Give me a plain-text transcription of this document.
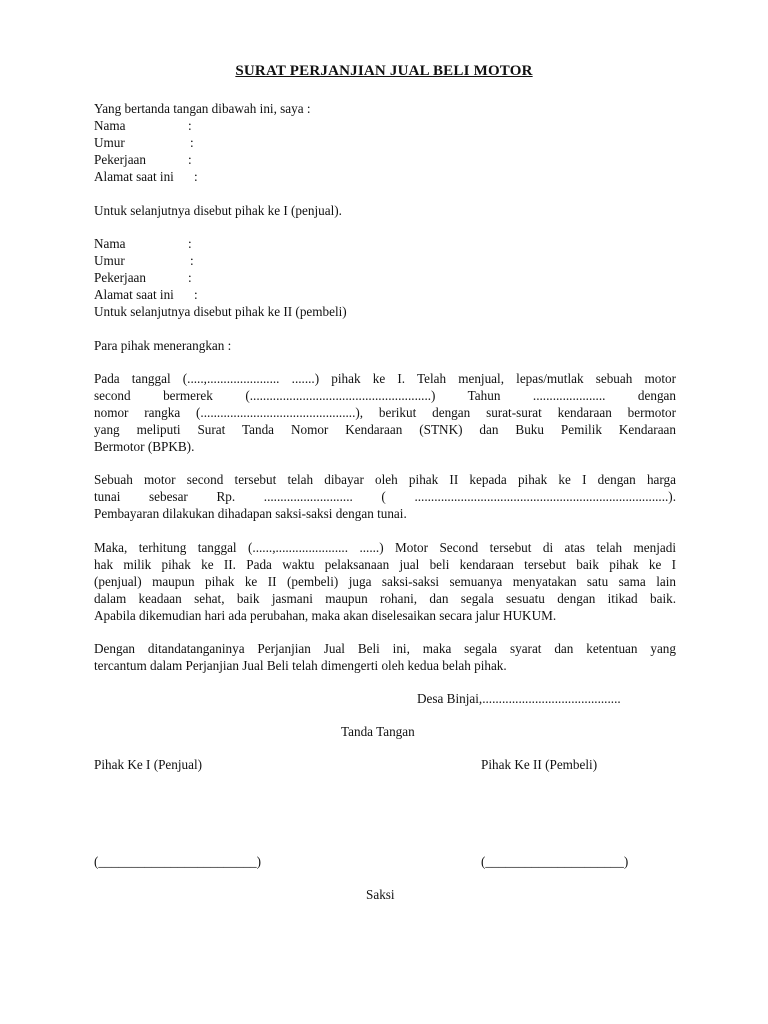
SURAT PERJANJIAN JUAL BELI MOTOR
Yang bertanda tangan dibawah ini, saya :
Nama	:
Umur	:
Pekerjaan	:
Alamat saat ini :
Untuk selanjutnya disebut pihak ke I (penjual).
Nama	:
Umur	:
Pekerjaan	:
Alamat saat ini :
Untuk selanjutnya disebut pihak ke II (pembeli)
Para pihak menerangkan :
Pada tanggal (.....,...................... .......) pihak ke I. Telah menjual, lepas/mutlak sebuah motor
second bermerek (.......................................................) Tahun ...................... dengan
nomor rangka (...............................................), berikut dengan surat-surat kendaraan bermotor
yang meliputi Surat Tanda Nomor Kendaraan (STNK) dan Buku Pemilik Kendaraan
Bermotor (BPKB).
Sebuah motor second tersebut telah dibayar oleh pihak II kepada pihak ke I dengan harga
tunai sebesar Rp. ........................... ( .............................................................................).
Pembayaran dilakukan dihadapan saksi-saksi dengan tunai.
Maka, terhitung tanggal (......,...................... ......) Motor Second tersebut di atas telah menjadi
hak milik pihak ke II. Pada waktu pelaksanaan jual beli kendaraan tersebut baik pihak ke I
(penjual) maupun pihak ke II (pembeli) juga saksi-saksi semuanya menyatakan satu sama lain
dalam keadaan sehat, baik jasmani maupun rohani, dan segala sesuatu dengan itikad baik.
Apabila dikemudian hari ada perubahan, maka akan diselesaikan secara jalur HUKUM.
Dengan ditandatanganinya Perjanjian Jual Beli ini, maka segala syarat dan ketentuan yang
tercantum dalam Perjanjian Jual Beli telah dimengerti oleh kedua belah pihak.
Desa Binjai,..........................................
Tanda Tangan
Pihak Ke I (Penjual)	Pihak Ke II (Pembeli)
(________________________)	(_____________________)
Saksi
